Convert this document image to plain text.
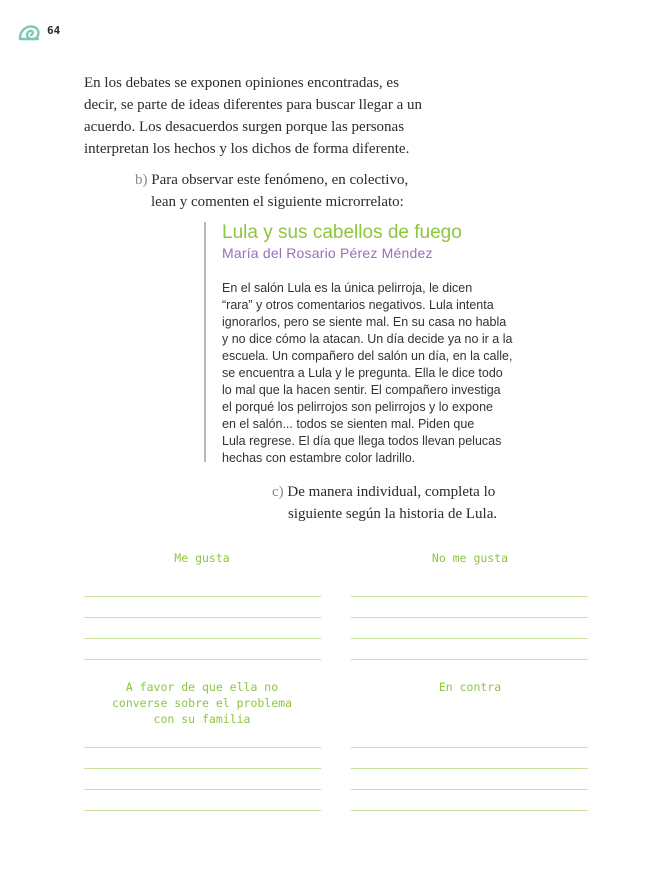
64

En los debates se exponen opiniones encontradas, es
decir, se parte de ideas diferentes para buscar llegar a un
acuerdo. Los desacuerdos surgen porque las personas
interpretan los hechos y los dichos de forma diferente.

b) Para observar este fenómeno, en colectivo,

lean y comenten el siguiente microrrelato:

Lula y sus cabellos de fuego

María del Rosario Pérez Méndez

En el salón Lula es la única pelirroja, le dicen
“rara” y otros comentarios negativos. Lula intenta
ignorarlos, pero se siente mal. En su casa no habla
y no dice cómo la atacan. Un día decide ya no ir a la
escuela. Un compañero del salón un día, en la calle,
se encuentra a Lula y le pregunta. Ella le dice todo
lo mal que la hacen sentir. El compañero investiga
el porqué los pelirrojos son pelirrojos y lo expone
en el salón... todos se sienten mal. Piden que
Lula regrese. El día que llega todos llevan pelucas
hechas con estambre color ladrillo.

c) De manera individual, completa lo

siguiente según la historia de Lula.

Me gusta	No me gusta
A favor de que ella no
converse sobre el problema
con su familia
En contra
